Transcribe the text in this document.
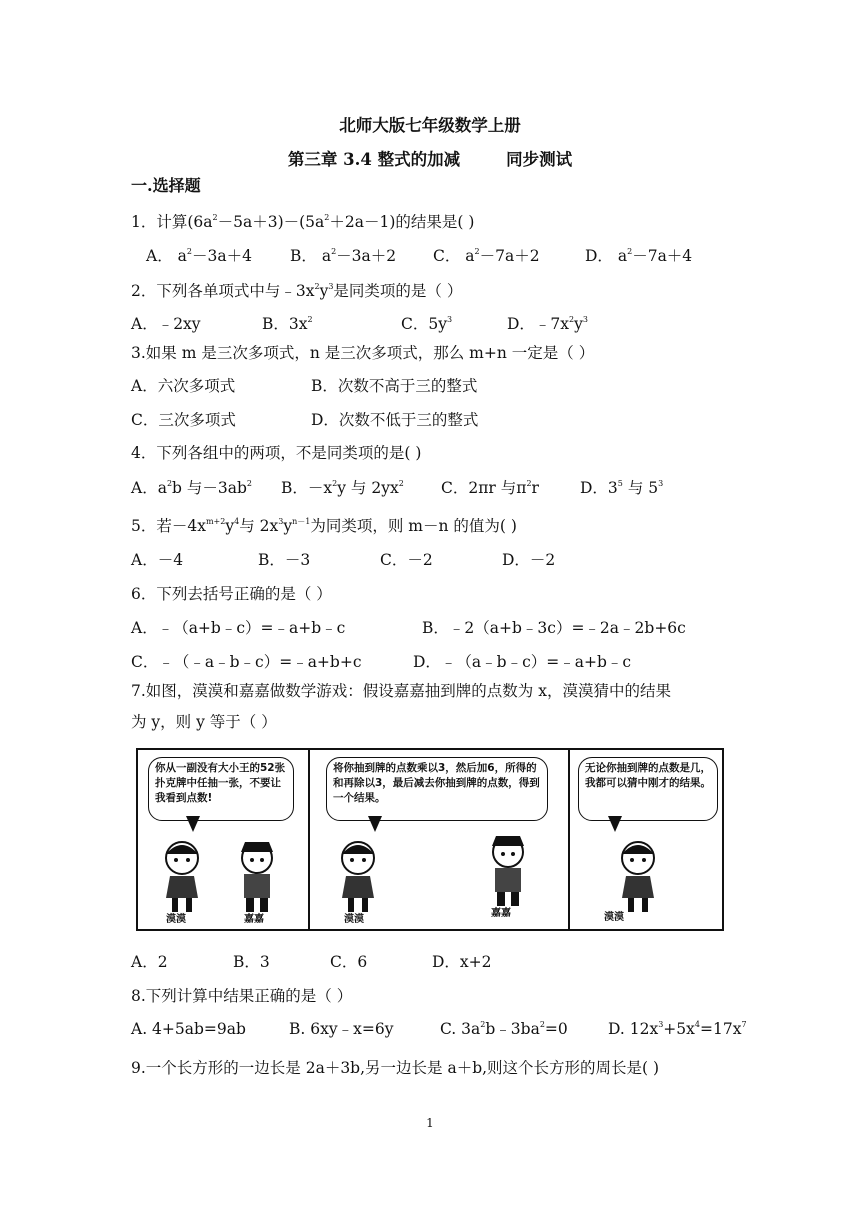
北师大版七年级数学上册
第三章 3.4 整式的加减        同步测试
一.选择题
1．计算$(6a^2-5a+3)-(5a^2+2a-1)$的结果是( )
A． $a^2-3a+4$ B． $a^2-3a+2$ C． $a^2-7a+2$	D． $a^2-7a+4$
2．下列各单项式中与$﹣3x^2y^3$是同类项的是（ ）
A．﹣2xy	B．$3x^2$	C．$5y^3$	D．$﹣7x^2y^3$
3.如果 m 是三次多项式，n 是三次多项式，那么 m+n 一定是（ ）
A．六次多项式	B．次数不高于三的整式
C．三次多项式	D．次数不低于三的整式
4．下列各组中的两项，不是同类项的是( )
A．$a^2b$ 与$-3ab^2$ B．$-x^2y$ 与 $2yx^2$ C．2πr 与$\pi^2r$	D．$3^5$ 与 $5^3$
5．若$-4x^{m+2}y^4$与 $2x^3y^{n-1}$为同类项，则 m－n 的值为( )
A．－4	B．－3	C．－2	D．－2
6．下列去括号正确的是（ ）
A．﹣（a+b﹣c）=﹣a+b﹣c	B．﹣2（a+b﹣3c）=﹣2a﹣2b+6c
C．﹣（﹣a﹣b﹣c）=﹣a+b+c	D．﹣（a﹣b﹣c）=﹣a+b﹣c
7.如图，漠漠和嘉嘉做数学游戏：假设嘉嘉抽到牌的点数为 x，漠漠猜中的结果
为 y，则 y 等于（ ）
你从一副没有大小王的52张扑克牌中任抽一张，不要让我看到点数!
漠漠	嘉嘉
将你抽到牌的点数乘以3，然后加6，所得的和再除以3，最后减去你抽到牌的点数，得到一个结果。
漠漠
嘉嘉
无论你抽到牌的点数是几，我都可以猜中刚才的结果。
漠漠
A．2	B．3	C．6	D．x+2
8.下列计算中结果正确的是（ ）
A. 4+5ab=9ab	B. 6xy﹣x=6y	C. $3a^2b﹣3ba^2=0$	D. $12x^3+5x^4=17x^7$
9.一个长方形的一边长是 2a＋3b,另一边长是 a＋b,则这个长方形的周长是( )
1
